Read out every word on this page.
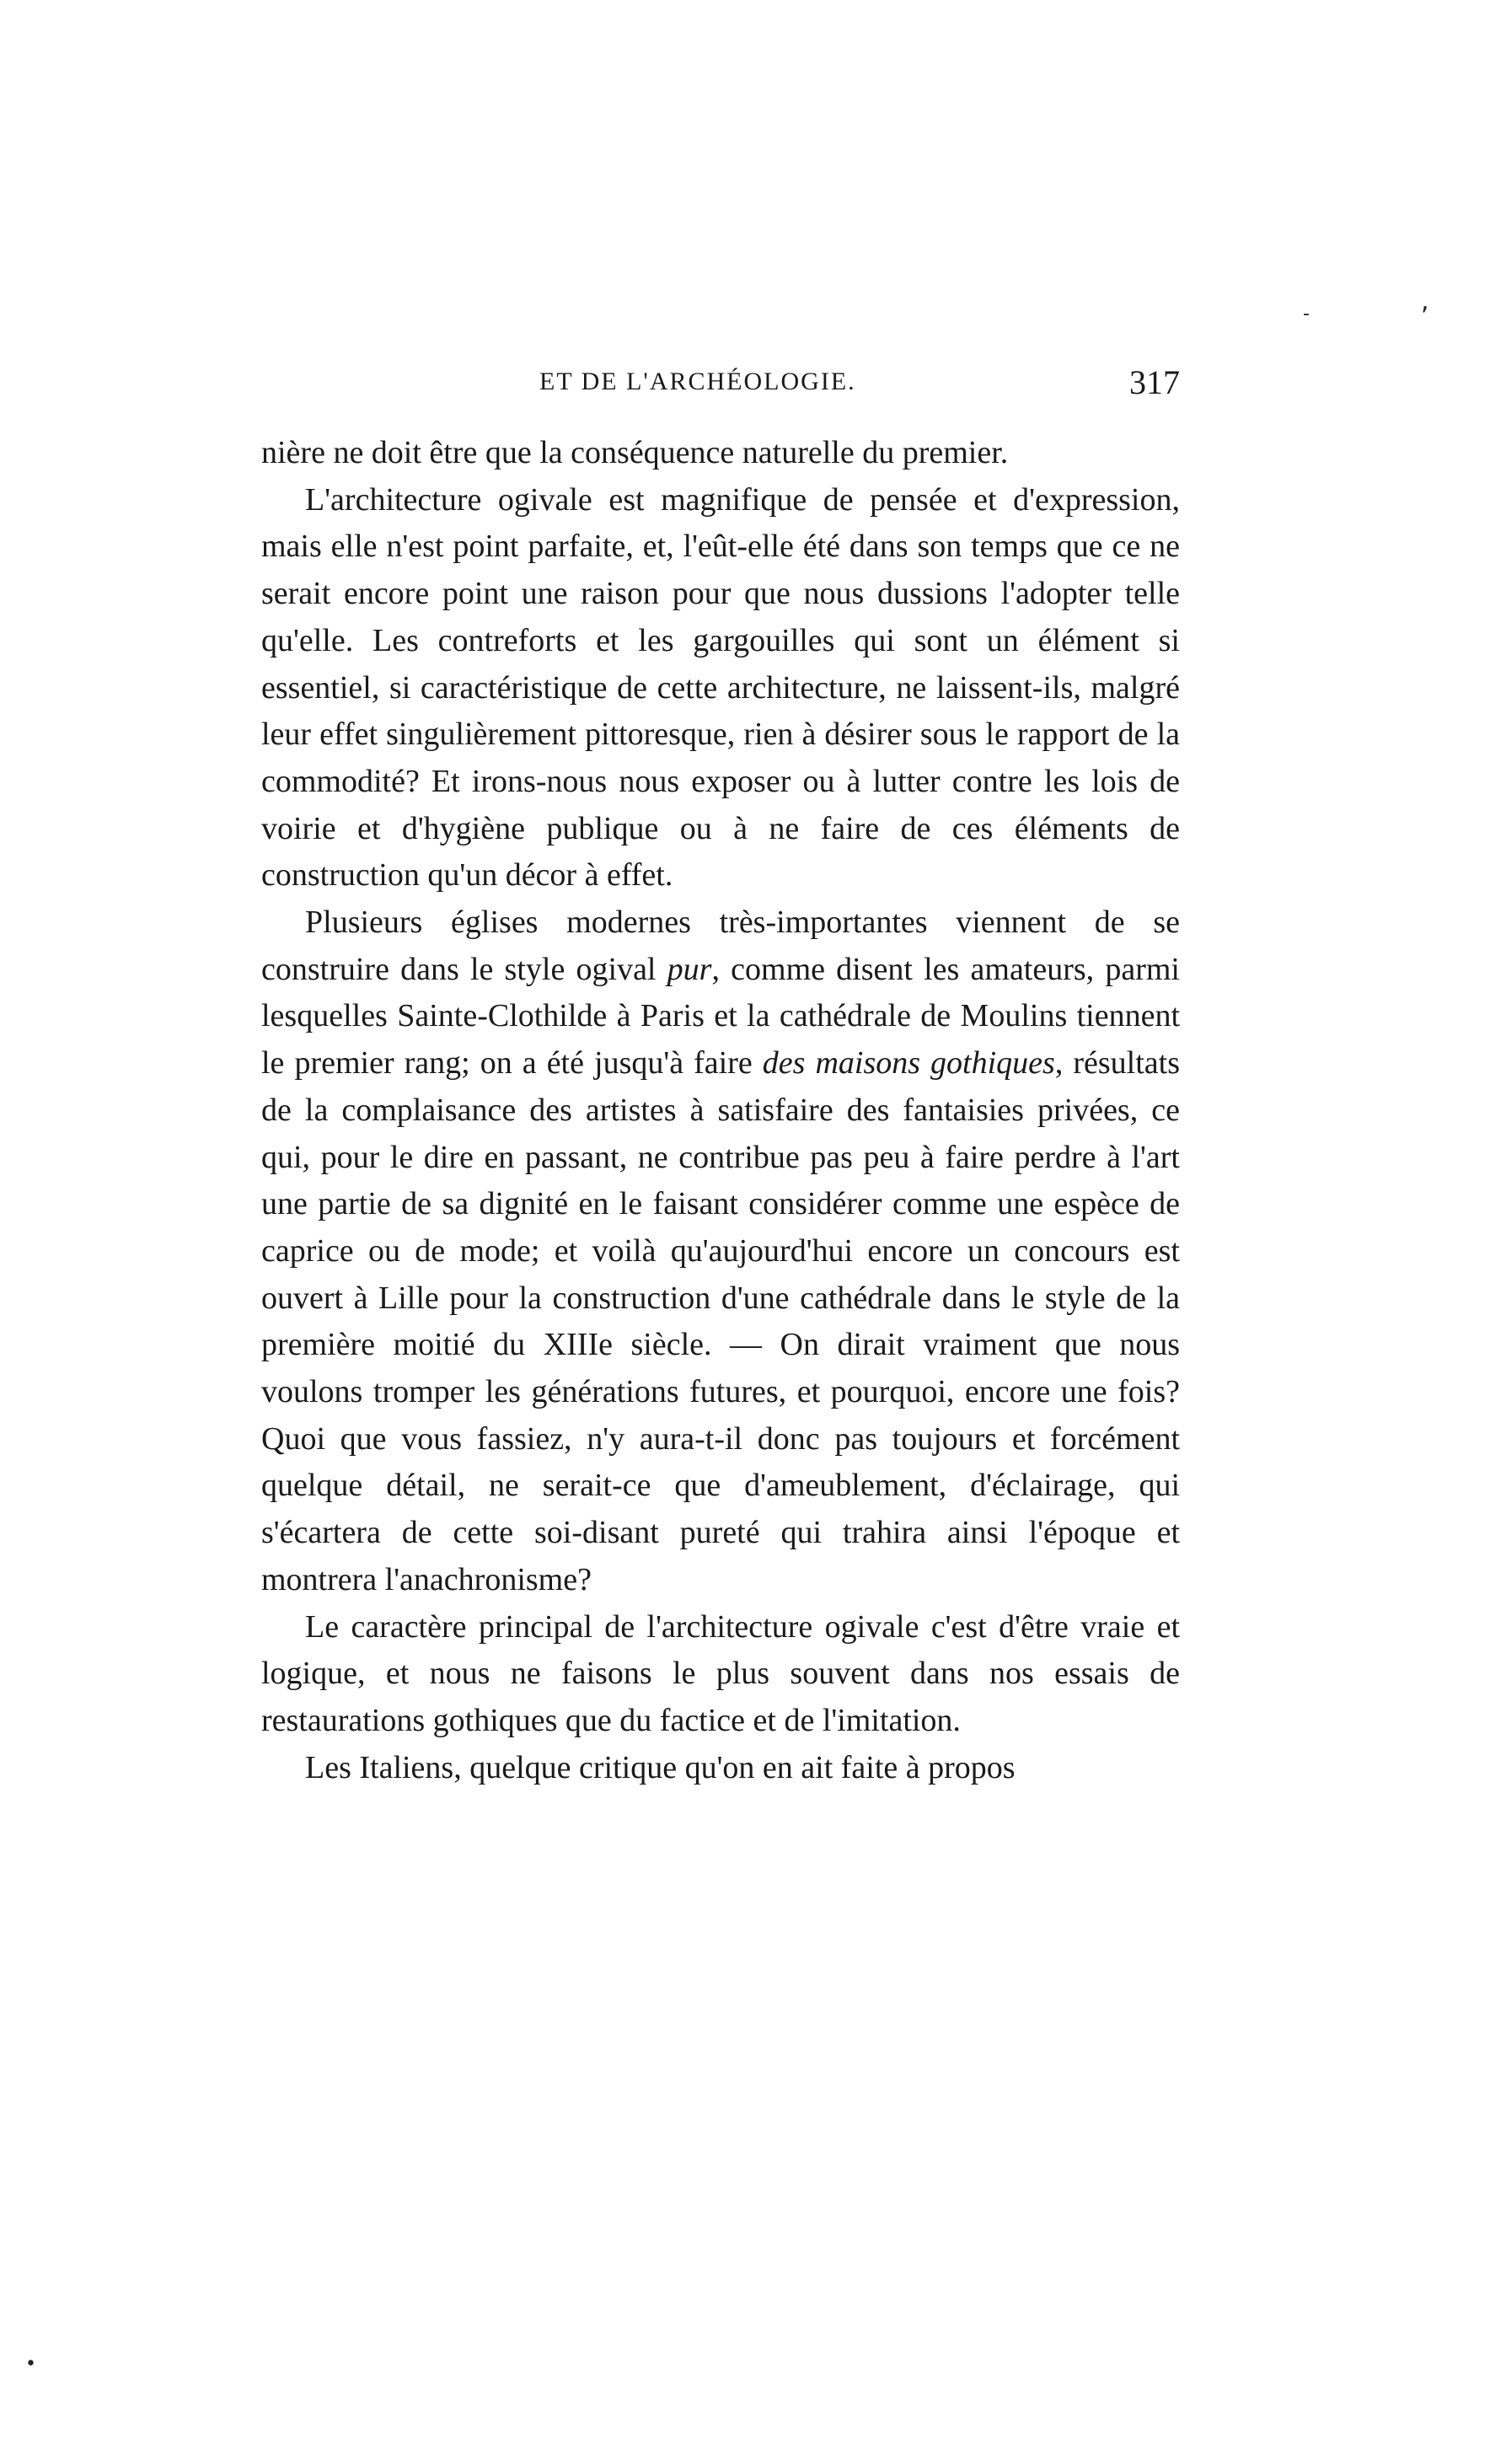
ET DE L'ARCHÉOLOGIE.	317

nière ne doit être que la conséquence naturelle du premier.

L'architecture ogivale est magnifique de pensée et d'expression, mais elle n'est point parfaite, et, l'eût-elle été dans son temps que ce ne serait encore point une raison pour que nous dussions l'adopter telle qu'elle. Les contreforts et les gargouilles qui sont un élément si essentiel, si caractéristique de cette architecture, ne laissent-ils, malgré leur effet singulièrement pittoresque, rien à désirer sous le rapport de la commodité? Et irons-nous nous exposer ou à lutter contre les lois de voirie et d'hygiène publique ou à ne faire de ces éléments de construction qu'un décor à effet.

Plusieurs églises modernes très-importantes viennent de se construire dans le style ogival pur, comme disent les amateurs, parmi lesquelles Sainte-Clothilde à Paris et la cathédrale de Moulins tiennent le premier rang; on a été jusqu'à faire des maisons gothiques, résultats de la complaisance des artistes à satisfaire des fantaisies privées, ce qui, pour le dire en passant, ne contribue pas peu à faire perdre à l'art une partie de sa dignité en le faisant considérer comme une espèce de caprice ou de mode; et voilà qu'aujourd'hui encore un concours est ouvert à Lille pour la construction d'une cathédrale dans le style de la première moitié du XIIIe siècle. — On dirait vraiment que nous voulons tromper les générations futures, et pourquoi, encore une fois? Quoi que vous fassiez, n'y aura-t-il donc pas toujours et forcément quelque détail, ne serait-ce que d'ameublement, d'éclairage, qui s'écartera de cette soi-disant pureté qui trahira ainsi l'époque et montrera l'anachronisme?

Le caractère principal de l'architecture ogivale c'est d'être vraie et logique, et nous ne faisons le plus souvent dans nos essais de restaurations gothiques que du factice et de l'imitation.

Les Italiens, quelque critique qu'on en ait faite à propos

,
-
•
